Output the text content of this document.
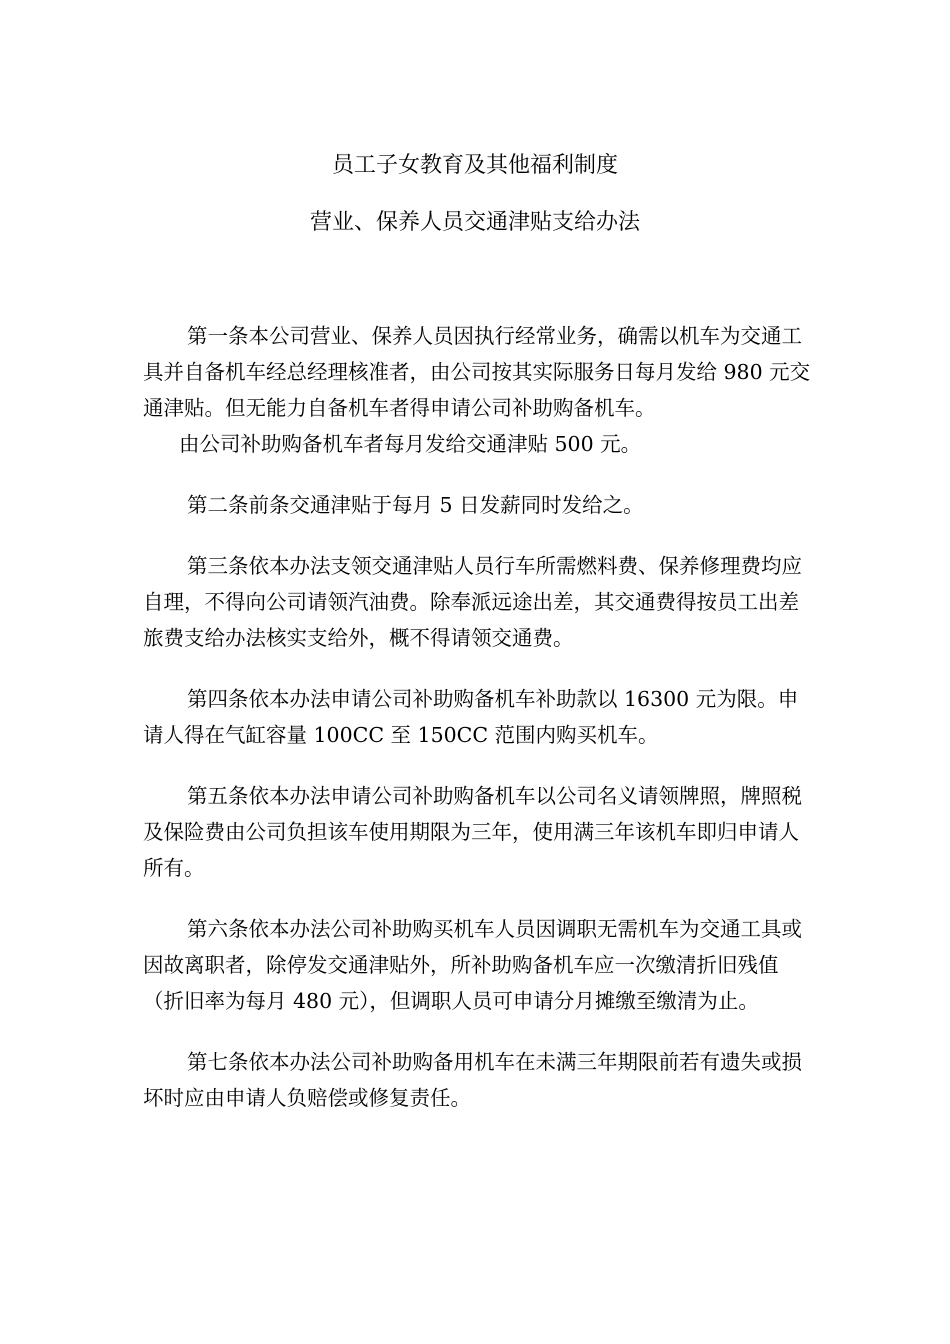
员工子女教育及其他福利制度
营业、保养人员交通津贴支给办法

第一条本公司营业、保养人员因执行经常业务，确需以机车为交通工具并自备机车经总经理核准者，由公司按其实际服务日每月发给 980 元交通津贴。但无能力自备机车者得申请公司补助购备机车。

由公司补助购备机车者每月发给交通津贴 500 元。

第二条前条交通津贴于每月 5 日发薪同时发给之。

第三条依本办法支领交通津贴人员行车所需燃料费、保养修理费均应自理，不得向公司请领汽油费。除奉派远途出差，其交通费得按员工出差旅费支给办法核实支给外，概不得请领交通费。

第四条依本办法申请公司补助购备机车补助款以 16300 元为限。申请人得在气缸容量 100CC 至 150CC 范围内购买机车。

第五条依本办法申请公司补助购备机车以公司名义请领牌照，牌照税及保险费由公司负担该车使用期限为三年，使用满三年该机车即归申请人所有。

第六条依本办法公司补助购买机车人员因调职无需机车为交通工具或因故离职者，除停发交通津贴外，所补助购备机车应一次缴清折旧残值（折旧率为每月 480 元），但调职人员可申请分月摊缴至缴清为止。

第七条依本办法公司补助购备用机车在未满三年期限前若有遗失或损坏时应由申请人负赔偿或修复责任。
